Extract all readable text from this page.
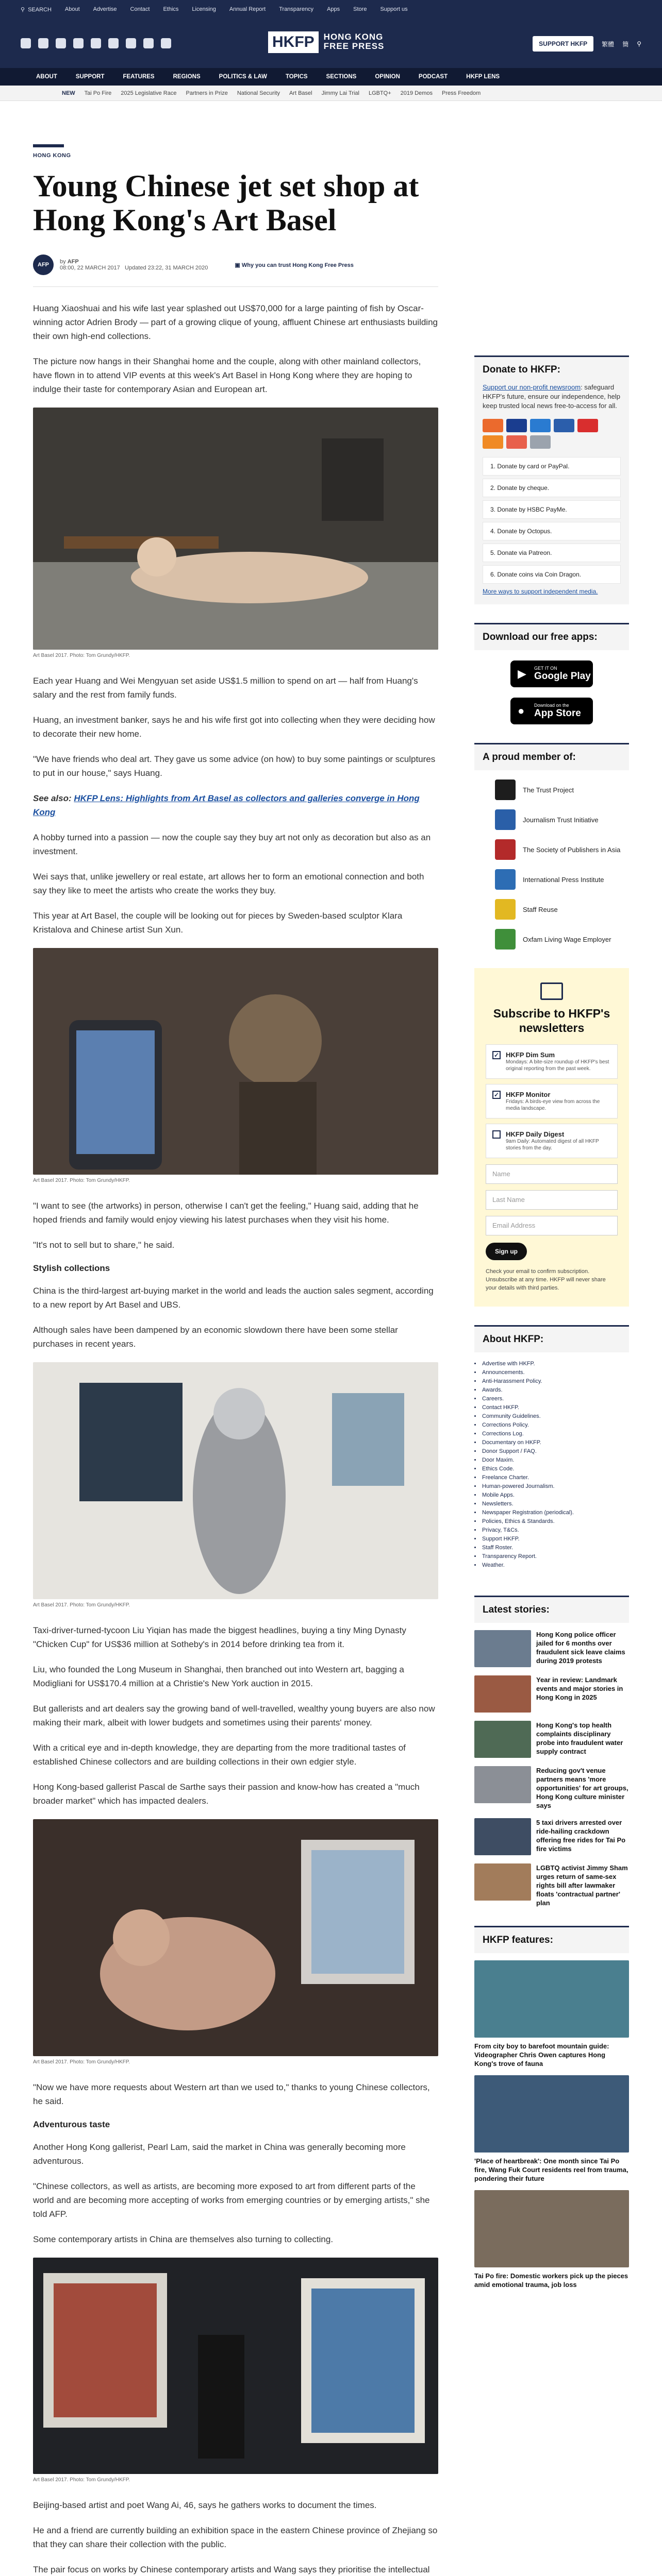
⚲ SEARCH About Advertise Contact Ethics Licensing Annual Report Transparency Apps Store Support us
HKFP	HONG KONG
FREE PRESS	SUPPORT HKFP	繁體 簡 ⚲
ABOUT	SUPPORT	FEATURES	REGIONS	POLITICS & LAW	TOPICS	SECTIONS	OPINION	PODCAST	HKFP LENS
NEW Tai Po Fire 2025 Legislative Race Partners in Prize National Security Art Basel Jimmy Lai Trial LGBTQ+ 2019 Demos Press Freedom
HONG KONG
Young Chinese jet set shop at Hong Kong's Art Basel
AFP	by AFP
08:00, 22 MARCH 2017 Updated 23:22, 31 MARCH 2020	▣ Why you can trust Hong Kong Free Press

Huang Xiaoshuai and his wife last year splashed out US$70,000 for a large painting of fish by Oscar-winning actor Adrien Brody — part of a growing clique of young, affluent Chinese art enthusiasts building their own high-end collections.

The picture now hangs in their Shanghai home and the couple, along with other mainland collectors, have flown in to attend VIP events at this week's Art Basel in Hong Kong where they are hoping to indulge their taste for contemporary Asian and European art.

Art Basel 2017. Photo: Tom Grundy/HKFP.

Each year Huang and Wei Mengyuan set aside US$1.5 million to spend on art — half from Huang's salary and the rest from family funds.

Huang, an investment banker, says he and his wife first got into collecting when they were deciding how to decorate their new home.

"We have friends who deal art. They gave us some advice (on how) to buy some paintings or sculptures to put in our house," says Huang.

See also: HKFP Lens: Highlights from Art Basel as collectors and galleries converge in Hong Kong

A hobby turned into a passion — now the couple say they buy art not only as decoration but also as an investment.

Wei says that, unlike jewellery or real estate, art allows her to form an emotional connection and both say they like to meet the artists who create the works they buy.

This year at Art Basel, the couple will be looking out for pieces by Sweden-based sculptor Klara Kristalova and Chinese artist Sun Xun.

Art Basel 2017. Photo: Tom Grundy/HKFP.

"I want to see (the artworks) in person, otherwise I can't get the feeling," Huang said, adding that he hoped friends and family would enjoy viewing his latest purchases when they visit his home.

"It's not to sell but to share," he said.

Stylish collections

China is the third-largest art-buying market in the world and leads the auction sales segment, according to a new report by Art Basel and UBS.

Although sales have been dampened by an economic slowdown there have been some stellar purchases in recent years.

Art Basel 2017. Photo: Tom Grundy/HKFP.

Taxi-driver-turned-tycoon Liu Yiqian has made the biggest headlines, buying a tiny Ming Dynasty "Chicken Cup" for US$36 million at Sotheby's in 2014 before drinking tea from it.

Liu, who founded the Long Museum in Shanghai, then branched out into Western art, bagging a Modigliani for US$170.4 million at a Christie's New York auction in 2015.

But gallerists and art dealers say the growing band of well-travelled, wealthy young buyers are also now making their mark, albeit with lower budgets and sometimes using their parents' money.

With a critical eye and in-depth knowledge, they are departing from the more traditional tastes of established Chinese collectors and are building collections in their own edgier style.

Hong Kong-based gallerist Pascal de Sarthe says their passion and know-how has created a "much broader market" which has impacted dealers.

Art Basel 2017. Photo: Tom Grundy/HKFP.

"Now we have more requests about Western art than we used to," thanks to young Chinese collectors, he said.

Adventurous taste

Another Hong Kong gallerist, Pearl Lam, said the market in China was generally becoming more adventurous.

"Chinese collectors, as well as artists, are becoming more exposed to art from different parts of the world and are becoming more accepting of works from emerging countries or by emerging artists," she told AFP.

Some contemporary artists in China are themselves also turning to collecting.

Art Basel 2017. Photo: Tom Grundy/HKFP.

Beijing-based artist and poet Wang Ai, 46, says he gathers works to document the times.

He and a friend are currently building an exhibition space in the eastern Chinese province of Zhejiang so that they can share their collection with the public.

The pair focus on works by Chinese contemporary artists and Wang says they prioritise the intellectual

Donate to HKFP:

Support our non-profit newsroom: safeguard HKFP's future, ensure our independence, help keep trusted local news free-to-access for all.

1. Donate by card or PayPal.
2. Donate by cheque.
3. Donate by HSBC PayMe.
4. Donate by Octopus.
5. Donate via Patreon.
6. Donate coins via Coin Dragon.
More ways to support independent media.
Download our free apps:
▶ GET IT ON
Google Play
● Download on the
App Store
A proud member of:
The Trust Project
Journalism Trust Initiative
The Society of Publishers in Asia
International Press Institute
Staff Reuse
Oxfam Living Wage Employer
Subscribe to HKFP's newsletters
✓ HKFP Dim Sum
Mondays: A bite-size roundup of HKFP's best original reporting from the past week.
✓ HKFP Monitor
Fridays: A birds-eye view from across the media landscape.
HKFP Daily Digest
9am Daily: Automated digest of all HKFP stories from the day.
Name
Last Name
Email Address
Sign up

Check your email to confirm subscription. Unsubscribe at any time. HKFP will never share your details with third parties.

About HKFP:
• Advertise with HKFP.
• Announcements.
• Anti-Harassment Policy.
• Awards.
• Careers.
• Contact HKFP.
• Community Guidelines.
• Corrections Policy.
• Corrections Log.
• Documentary on HKFP.
• Donor Support / FAQ.
• Door Maxim.
• Ethics Code.
• Freelance Charter.
• Human-powered Journalism.
• Mobile Apps.
• Newsletters.
• Newspaper Registration (periodical).
• Policies, Ethics & Standards.
• Privacy, T&Cs.
• Support HKFP.
• Staff Roster.
• Transparency Report.
• Weather.
Latest stories:
Hong Kong police officer jailed for 6 months over fraudulent sick leave claims during 2019 protests
Year in review: Landmark events and major stories in Hong Kong in 2025
Hong Kong's top health complaints disciplinary probe into fraudulent water supply contract
Reducing gov't venue partners means 'more opportunities' for art groups, Hong Kong culture minister says
5 taxi drivers arrested over ride-hailing crackdown offering free rides for Tai Po fire victims
LGBTQ activist Jimmy Sham urges return of same-sex rights bill after lawmaker floats 'contractual partner' plan
HKFP features:

From city boy to barefoot mountain guide: Videographer Chris Owen captures Hong Kong's trove of fauna

'Place of heartbreak': One month since Tai Po fire, Wang Fuk Court residents reel from trauma, pondering their future

Tai Po fire: Domestic workers pick up the pieces amid emotional trauma, job loss
